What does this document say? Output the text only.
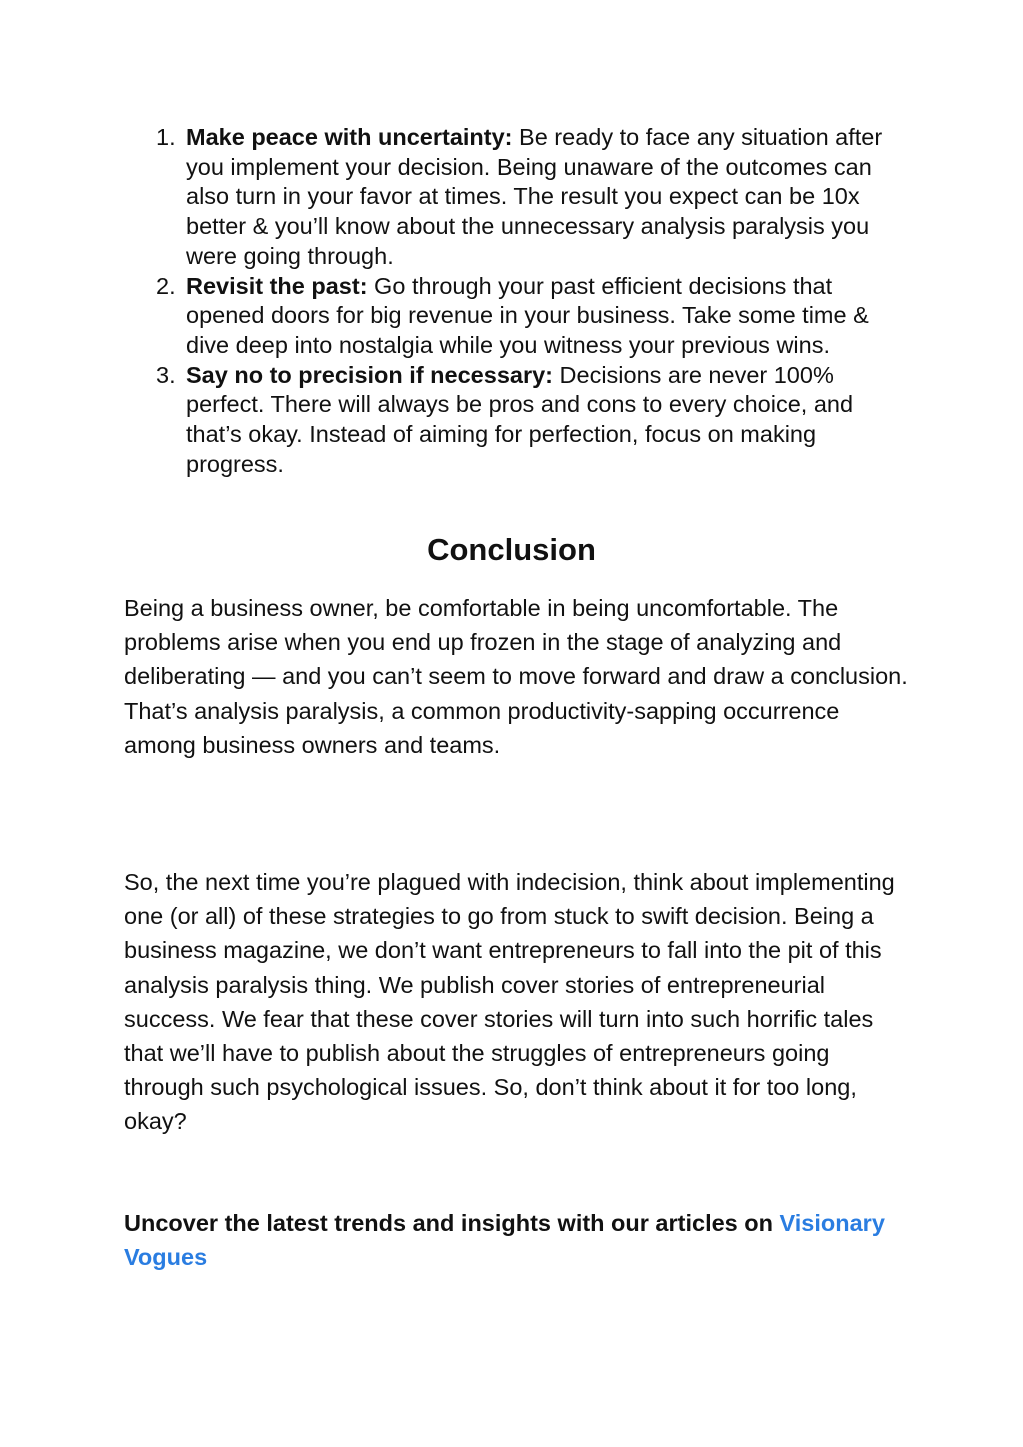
1. Make peace with uncertainty: Be ready to face any situation after you implement your decision. Being unaware of the outcomes can also turn in your favor at times. The result you expect can be 10x better & you’ll know about the unnecessary analysis paralysis you were going through.
2. Revisit the past: Go through your past efficient decisions that opened doors for big revenue in your business. Take some time & dive deep into nostalgia while you witness your previous wins.
3. Say no to precision if necessary: Decisions are never 100% perfect. There will always be pros and cons to every choice, and that’s okay. Instead of aiming for perfection, focus on making progress.
Conclusion

Being a business owner, be comfortable in being uncomfortable. The problems arise when you end up frozen in the stage of analyzing and deliberating — and you can’t seem to move forward and draw a conclusion. That’s analysis paralysis, a common productivity-sapping occurrence among business owners and teams.

So, the next time you’re plagued with indecision, think about implementing one (or all) of these strategies to go from stuck to swift decision. Being a business magazine, we don’t want entrepreneurs to fall into the pit of this analysis paralysis thing. We publish cover stories of entrepreneurial success. We fear that these cover stories will turn into such horrific tales that we’ll have to publish about the struggles of entrepreneurs going through such psychological issues. So, don’t think about it for too long, okay?

Uncover the latest trends and insights with our articles on Visionary Vogues
